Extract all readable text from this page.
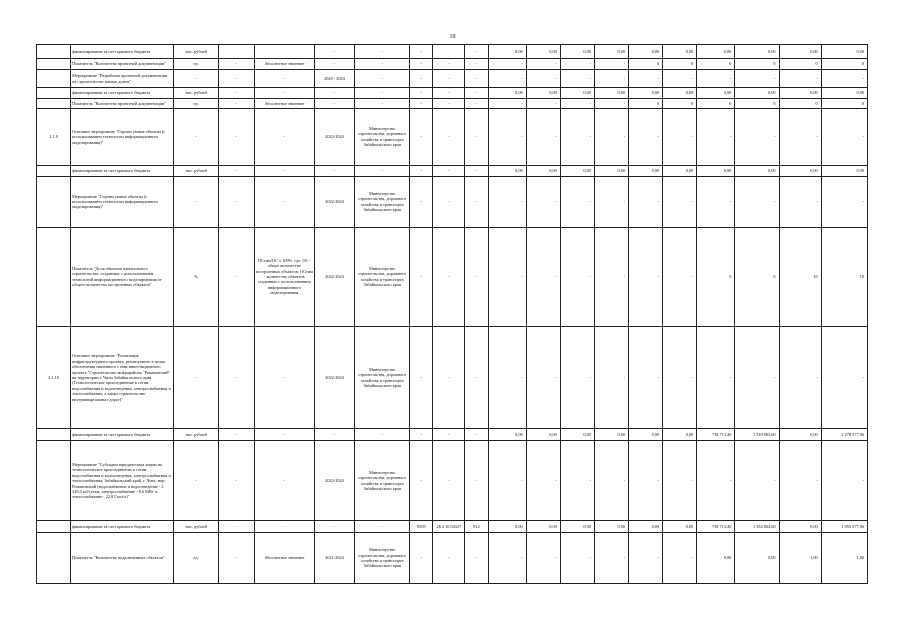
18
	финансирование за счет краевого бюджета	тыс. рублей			-	-	-		-	0,00	0,00	0,00	0,00	0,00	0,00	0,00	0,00	0,00	0,00
	Показатель "Количество проектной документации"	ед.	-	Абсолютное значение	-	-	-	-	-	-	-	-	-	0	0	0	0	0	0
	Мероприятие "Разработка проектной документации на строительство жилых домов"	-	-	-	2020 - 2024	-	-	-	-	-	-	-	-	-	-	-	-	-	-
	финансирование за счет краевого бюджета	тыс. рублей	-	-	-	-	-	-	-	0,00	0,00	0,00	0,00	0,00	0,00	0,00	0,00	0,00	0,00
	Показатель "Количество проектной документации"	ед.	-	Абсолютное значение	-	-	-	-	-	-	-	-	-	0	0	0	0	0	0
2.1.9	Основное мероприятие "Строим умные объекты (с использованием технологии информационного моделирования)"	-	-	-	2022-2024	Министерство строительства, дорожного хозяйства и транспорта Забайкальского края	-	-	-	-	-	-	-	-	-	-	-	-	-
	финансирование за счет краевого бюджета	тыс. рублей	-	-	-	-	-	-	-	0,00	0,00	0,00	0,00	0,00	0,00	0,00	0,00	0,00	0,00
	Мероприятие "Строим умные объекты (с использованием технологии информационного моделирования)"	-	-	-	2022-2024	Министерство строительства, дорожного хозяйства и транспорта Забайкальского края	-	-	-	-	-	-	-	-	-	-	-	-	-
	Показатель "Доля объектов капитального строительства, созданных с использованием технологий информационного моделирования от общего количества построенных объектов"	%	-	ОСтим/ОС х 100%, где: ОС - общее количество построенных объектов; ОСтим - количество объектов созданных с использованием информационного моделирования	2022-2024	Министерство строительства, дорожного хозяйства и транспорта Забайкальского края	-	-	-	-	-	-	-	-	-	0	0	10	10
2.1.10	Основное мероприятие "Реализация инфраструктурного проекта, реализуемого в целях обеспечения связанного с ним инвестиционного проекта "Строительство микрорайона "Романовский" на территории г. Читы Забайкальского края (Технологическое присоединение к сетям водоснабжения и водоотведения, электроснабжения и теплоснабжения, а также строительство внутриквартальных дорог)"	-	-	-	2022-2024	Министерство строительства, дорожного хозяйства и транспорта Забайкальского края	-	-	-	-	-	-	-	-	-	-	-	-	-
	финансирование за счет краевого бюджета	тыс. рублей	-	-	-	-	-	-	-	0,00	0,00	0,00	0,00	0,00	0,00	738 713,40	1 539 863,60	0,00	2 278 577,06
	Мероприятие "Субсидии юридическим лицам на технологическое присоединение к сетям водоснабжения и водоотведения, электроснабжения и теплоснабжения, Забайкальский край, г. Чита, мкр. Романовский (водоснабжение и водоотведение - 2 328,0 м3/сутки, электроснабжение - 8,6 МВт·ч, теплоснабжение - 22,8 Гкал/ч)"	-	-	-	2022-2024	Министерство строительства, дорожного хозяйства и транспорта Забайкальского края	-	-	-	-	-	-	-	-	-	-	-	-	-
	финансирование за счет краевого бюджета	тыс. рублей	-	-	-	-	0505	26 2 10 04327	812	0,00	0,00	0,00	0,00	0,00	0,00	738 713,40	1 354 864,60	0,00	1 093 577,06
	Показатель "Количество подключенных объектов"	ед.	-	Абсолютное значение	2021-2024	Министерство строительства, дорожного хозяйства и транспорта Забайкальского края	-	-	-	-	-	-	-	-	-	0,00	0,00	1,00	1,00
